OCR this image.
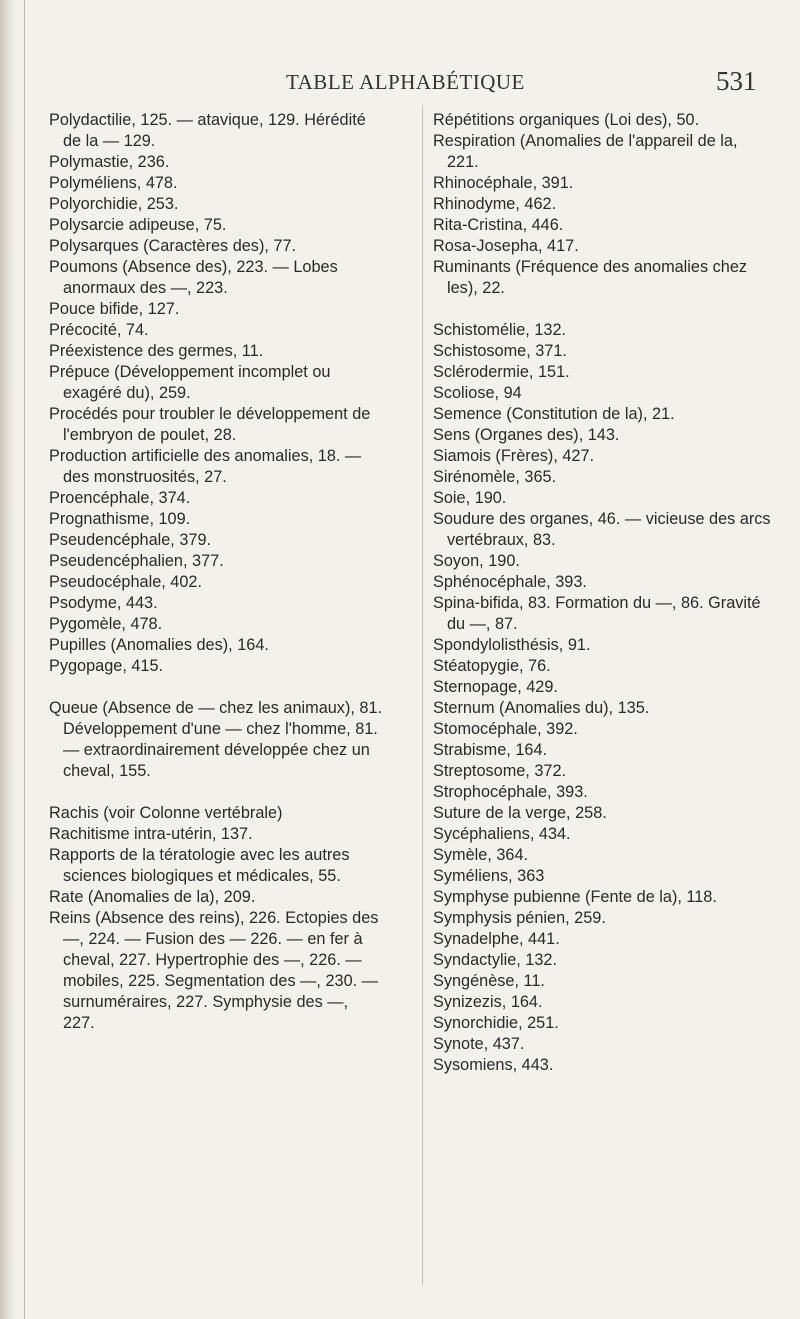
TABLE ALPHABÉTIQUE	531
Polydactilie, 125. — atavique, 129. Hérédité de la — 129.
Polymastie, 236.
Polyméliens, 478.
Polyorchidie, 253.
Polysarcie adipeuse, 75.
Polysarques (Caractères des), 77.
Poumons (Absence des), 223. — Lobes anormaux des —, 223.
Pouce bifide, 127.
Précocité, 74.
Préexistence des germes, 11.
Prépuce (Développement incomplet ou exagéré du), 259.
Procédés pour troubler le développement de l'embryon de poulet, 28.
Production artificielle des anomalies, 18. — des monstruosités, 27.
Proencéphale, 374.
Prognathisme, 109.
Pseudencéphale, 379.
Pseudencéphalien, 377.
Pseudocéphale, 402.
Psodyme, 443.
Pygomèle, 478.
Pupilles (Anomalies des), 164.
Pygopage, 415.
Queue (Absence de — chez les animaux), 81. Développement d'une — chez l'homme, 81. — extraordinairement développée chez un cheval, 155.
Rachis (voir Colonne vertébrale)
Rachitisme intra-utérin, 137.
Rapports de la tératologie avec les autres sciences biologiques et médicales, 55.
Rate (Anomalies de la), 209.
Reins (Absence des reins), 226. Ectopies des —, 224. — Fusion des — 226. — en fer à cheval, 227. Hypertrophie des —, 226. — mobiles, 225. Segmentation des —, 230. — surnuméraires, 227. Symphysie des —, 227.
Répétitions organiques (Loi des), 50.
Respiration (Anomalies de l'appareil de la, 221.
Rhinocéphale, 391.
Rhinodyme, 462.
Rita-Cristina, 446.
Rosa-Josepha, 417.
Ruminants (Fréquence des anomalies chez les), 22.
Schistomélie, 132.
Schistosome, 371.
Sclérodermie, 151.
Scoliose, 94
Semence (Constitution de la), 21.
Sens (Organes des), 143.
Siamois (Frères), 427.
Sirénomèle, 365.
Soie, 190.
Soudure des organes, 46. — vicieuse des arcs vertébraux, 83.
Soyon, 190.
Sphénocéphale, 393.
Spina-bifida, 83. Formation du —, 86. Gravité du —, 87.
Spondylolisthésis, 91.
Stéatopygie, 76.
Sternopage, 429.
Sternum (Anomalies du), 135.
Stomocéphale, 392.
Strabisme, 164.
Streptosome, 372.
Strophocéphale, 393.
Suture de la verge, 258.
Sycéphaliens, 434.
Symèle, 364.
Syméliens, 363
Symphyse pubienne (Fente de la), 118.
Symphysis pénien, 259.
Synadelphe, 441.
Syndactylie, 132.
Syngénèse, 11.
Synizezis, 164.
Synorchidie, 251.
Synote, 437.
Sysomiens, 443.
